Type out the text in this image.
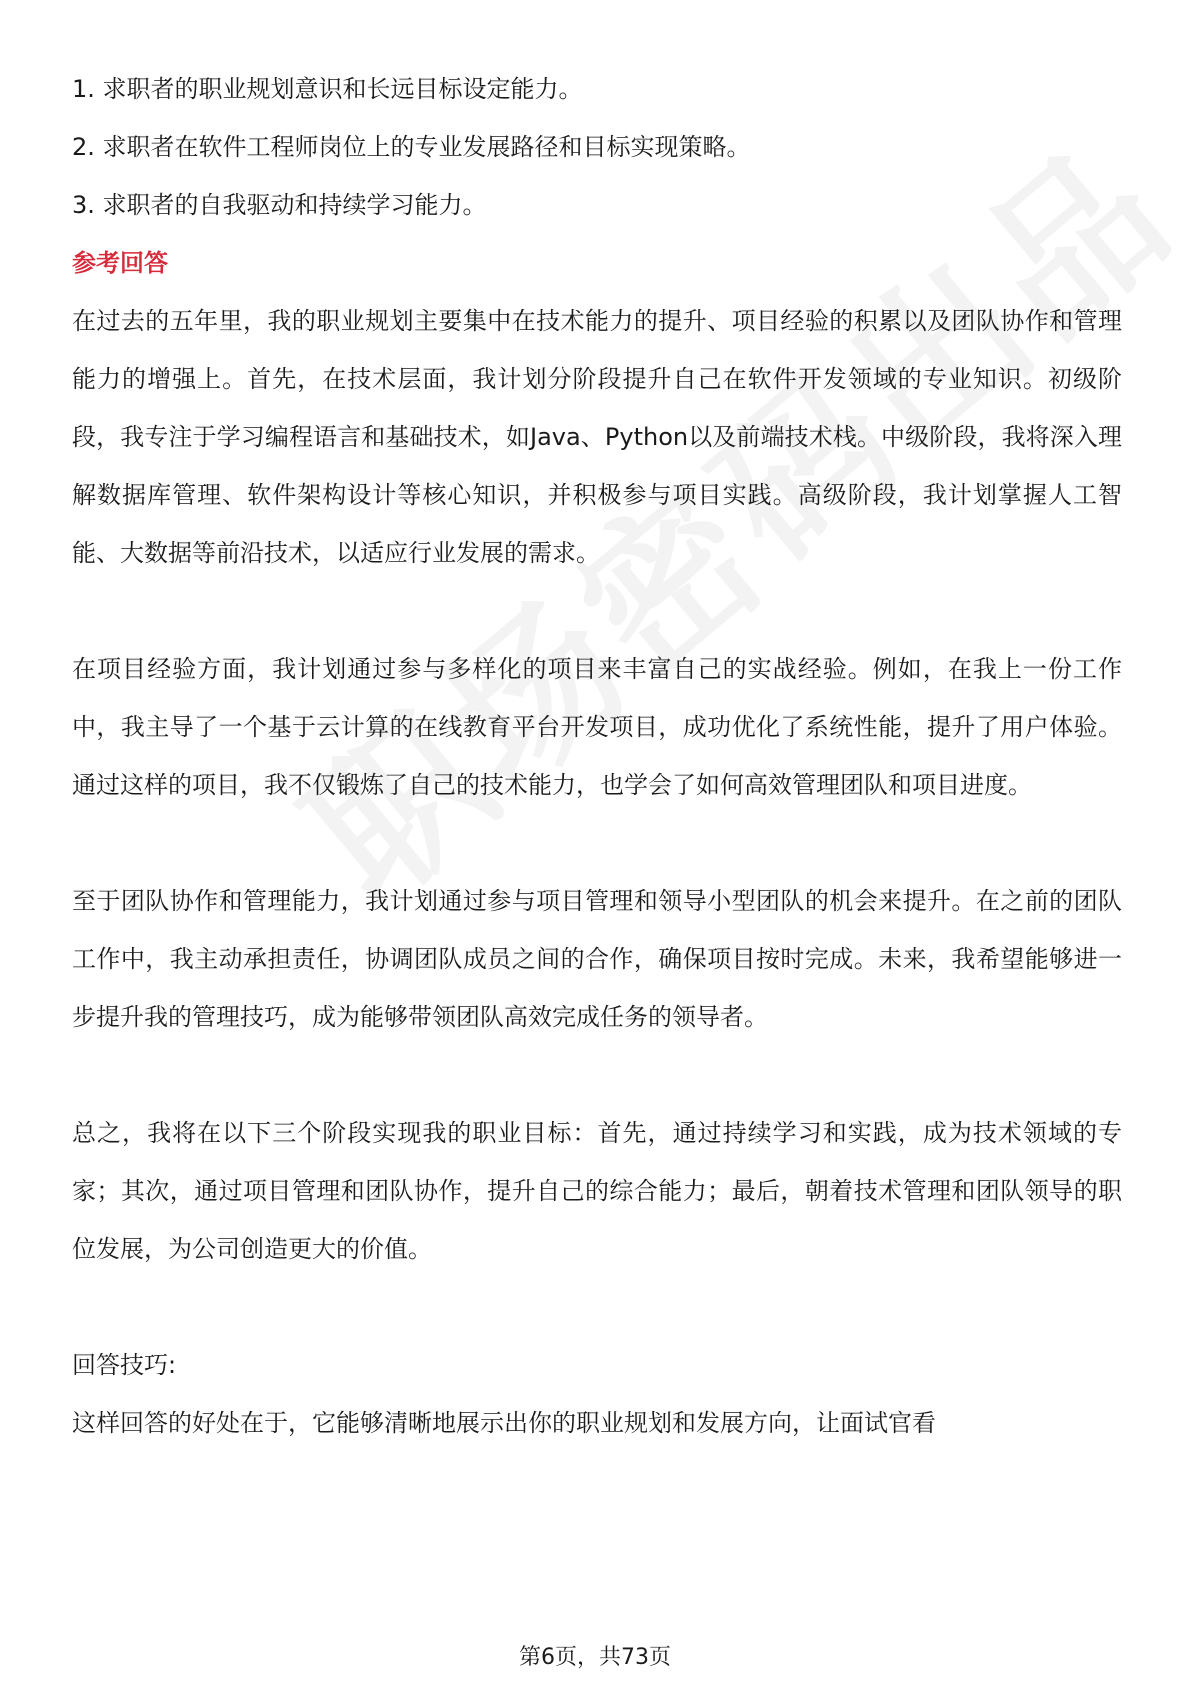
1. 求职者的职业规划意识和长远目标设定能力。

2. 求职者在软件工程师岗位上的专业发展路径和目标实现策略。

3. 求职者的自我驱动和持续学习能力。

参考回答

在过去的五年里，我的职业规划主要集中在技术能力的提升、项目经验的积累以及团队协作和管理能力的增强上。首先，在技术层面，我计划分阶段提升自己在软件开发领域的专业知识。初级阶段，我专注于学习编程语言和基础技术，如Java、Python以及前端技术栈。中级阶段，我将深入理解数据库管理、软件架构设计等核心知识，并积极参与项目实践。高级阶段，我计划掌握人工智能、大数据等前沿技术，以适应行业发展的需求。

在项目经验方面，我计划通过参与多样化的项目来丰富自己的实战经验。例如，在我上一份工作中，我主导了一个基于云计算的在线教育平台开发项目，成功优化了系统性能，提升了用户体验。通过这样的项目，我不仅锻炼了自己的技术能力，也学会了如何高效管理团队和项目进度。

至于团队协作和管理能力，我计划通过参与项目管理和领导小型团队的机会来提升。在之前的团队工作中，我主动承担责任，协调团队成员之间的合作，确保项目按时完成。未来，我希望能够进一步提升我的管理技巧，成为能够带领团队高效完成任务的领导者。

总之，我将在以下三个阶段实现我的职业目标：首先，通过持续学习和实践，成为技术领域的专家；其次，通过项目管理和团队协作，提升自己的综合能力；最后，朝着技术管理和团队领导的职位发展，为公司创造更大的价值。

回答技巧:

这样回答的好处在于，它能够清晰地展示出你的职业规划和发展方向，让面试官看

第6页，共73页
